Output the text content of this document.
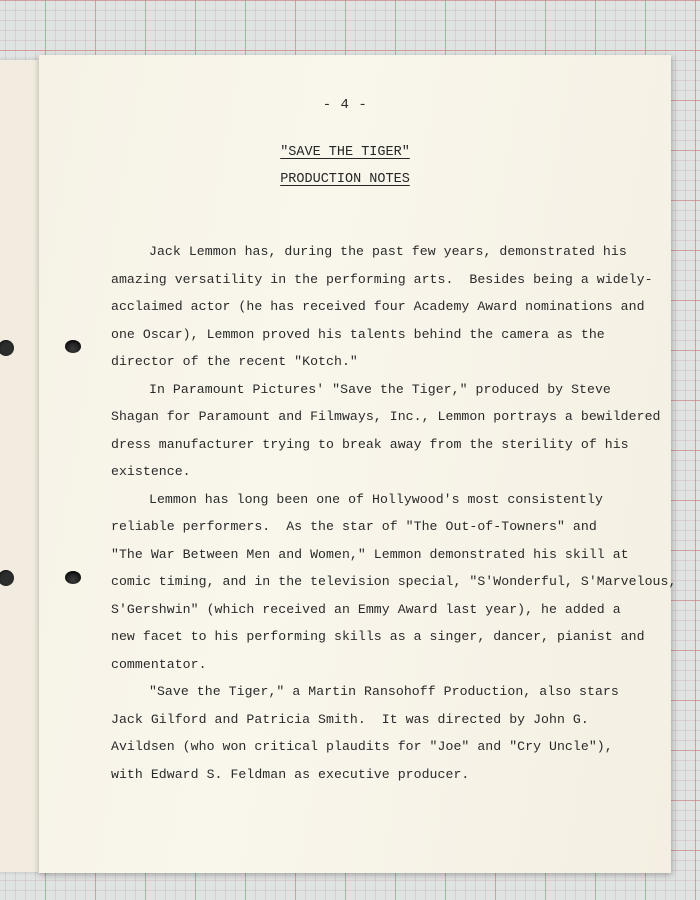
- 4 -
"SAVE THE TIGER"
PRODUCTION NOTES
Jack Lemmon has, during the past few years, demonstrated his
amazing versatility in the performing arts.  Besides being a widely-
acclaimed actor (he has received four Academy Award nominations and
one Oscar), Lemmon proved his talents behind the camera as the
director of the recent "Kotch."
In Paramount Pictures' "Save the Tiger," produced by Steve
Shagan for Paramount and Filmways, Inc., Lemmon portrays a bewildered
dress manufacturer trying to break away from the sterility of his
existence.
Lemmon has long been one of Hollywood's most consistently
reliable performers.  As the star of "The Out-of-Towners" and
"The War Between Men and Women," Lemmon demonstrated his skill at
comic timing, and in the television special, "S'Wonderful, S'Marvelous,
S'Gershwin" (which received an Emmy Award last year), he added a
new facet to his performing skills as a singer, dancer, pianist and
commentator.
"Save the Tiger," a Martin Ransohoff Production, also stars
Jack Gilford and Patricia Smith.  It was directed by John G.
Avildsen (who won critical plaudits for "Joe" and "Cry Uncle"),
with Edward S. Feldman as executive producer.
